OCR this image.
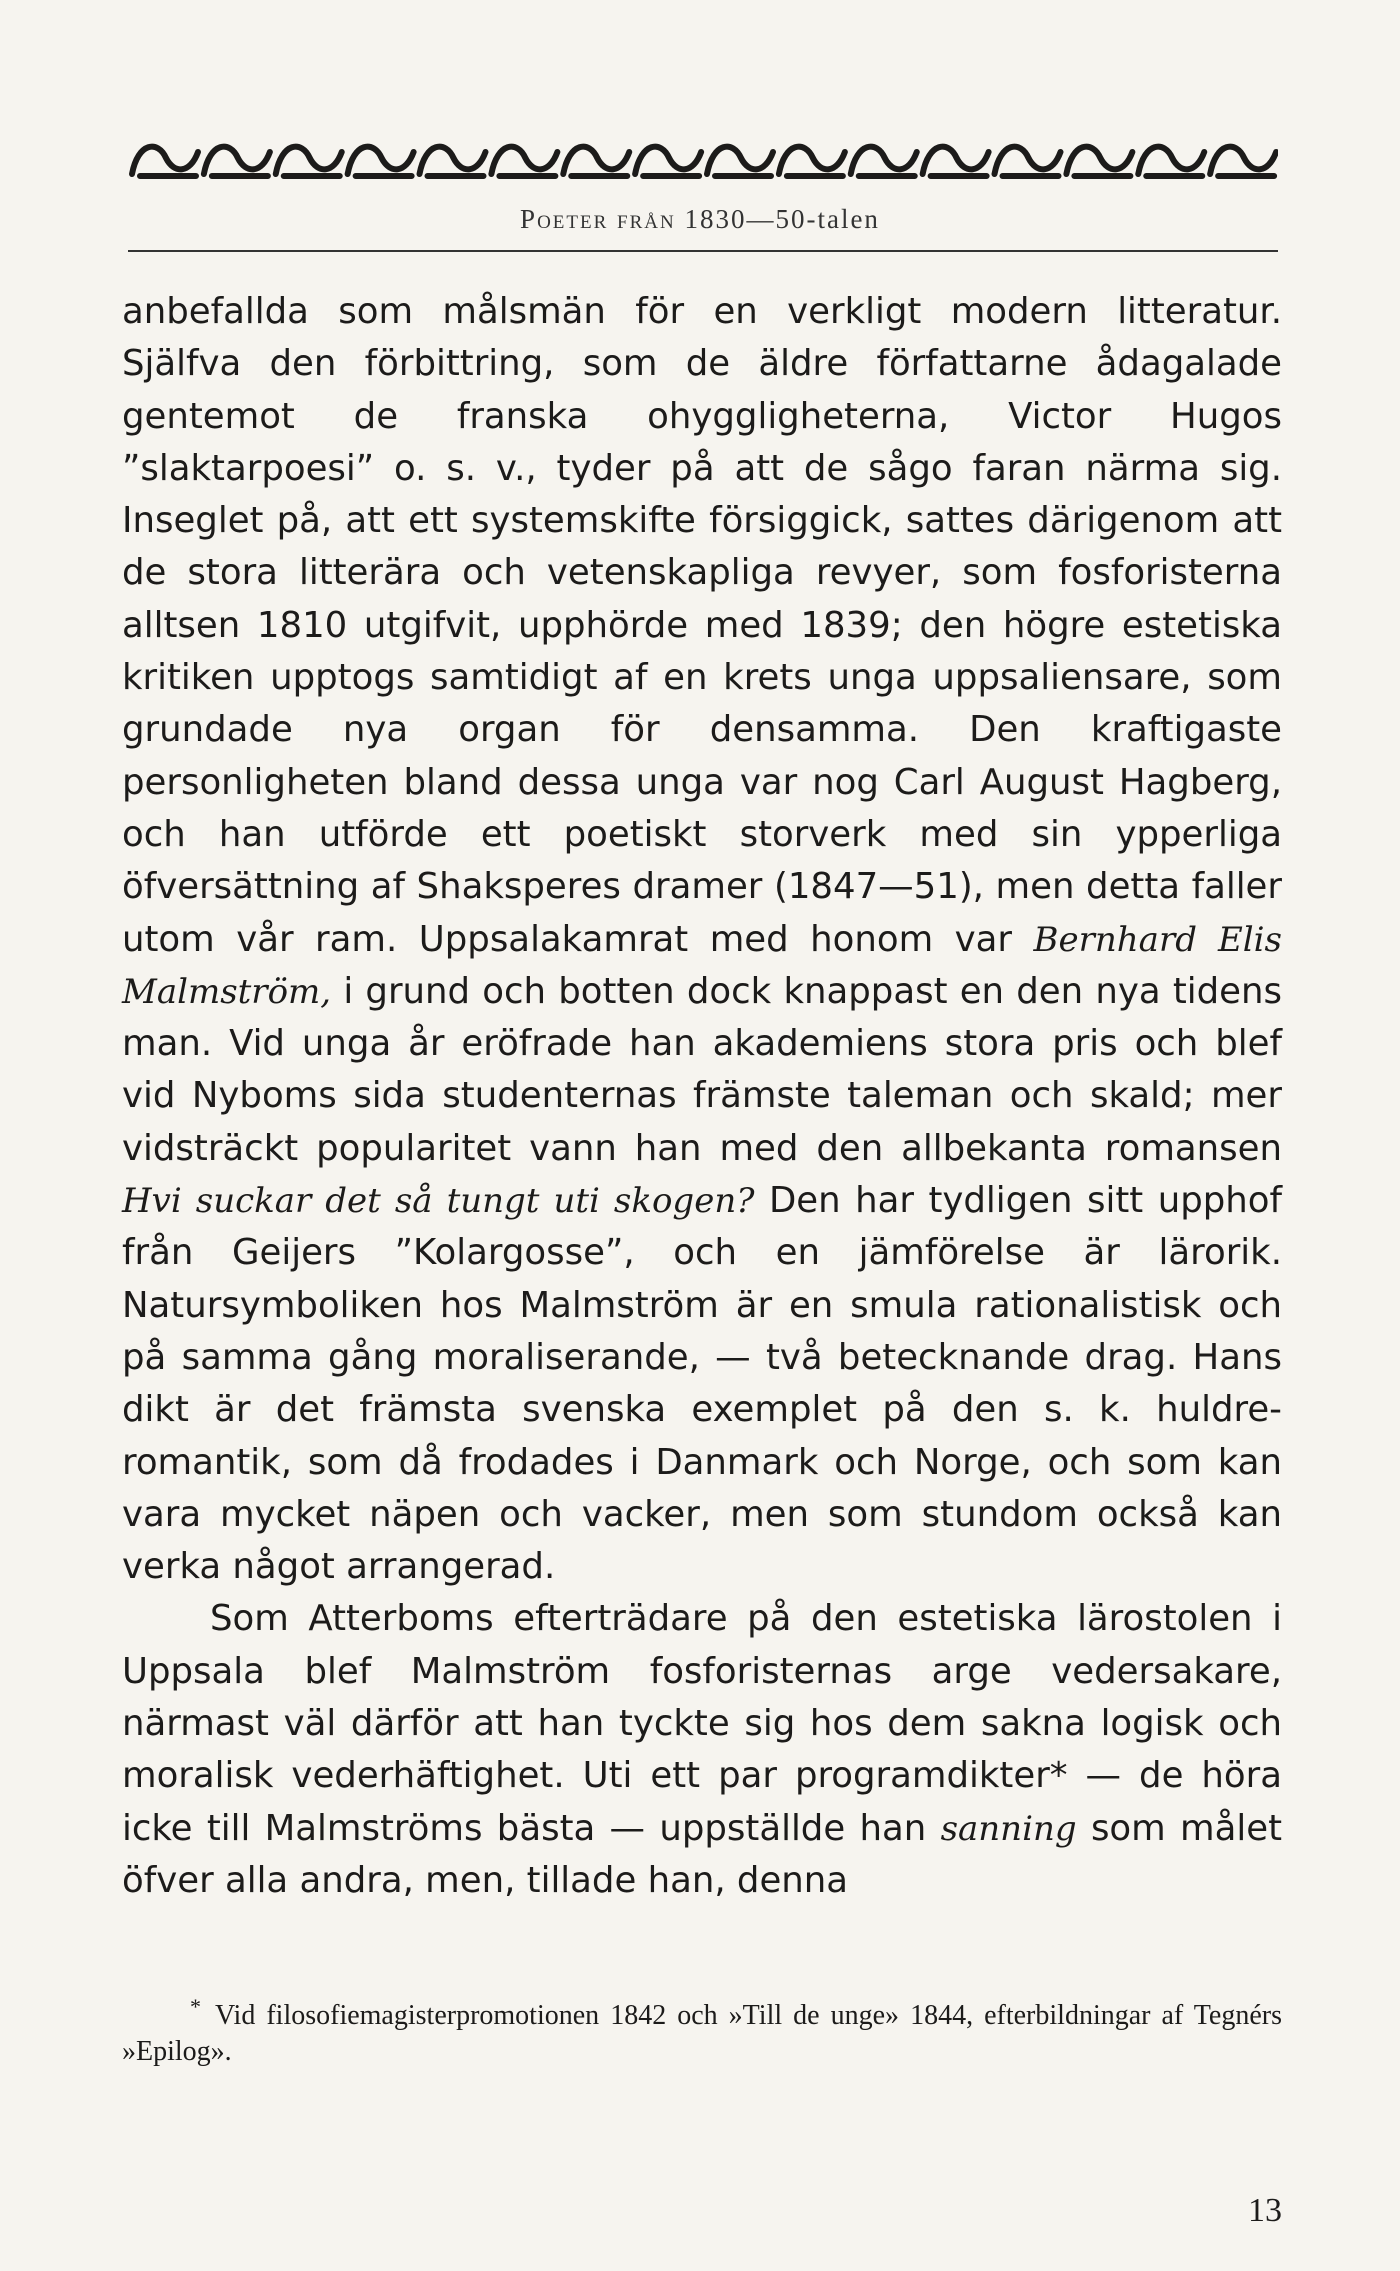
Poeter från 1830—50-talen

anbefallda som målsmän för en verkligt modern litteratur. Själfva den förbittring, som de äldre författarne ådagalade gentemot de franska ohyggligheterna, Victor Hugos ”slaktarpoesi” o. s. v., tyder på att de sågo faran närma sig. Inseglet på, att ett systemskifte försiggick, sattes därigenom att de stora litterära och vetenskapliga revyer, som fosforisterna alltsen 1810 utgifvit, upphörde med 1839; den högre estetiska kritiken upptogs samtidigt af en krets unga uppsaliensare, som grundade nya organ för densamma. Den kraftigaste personligheten bland dessa unga var nog Carl August Hagberg, och han utförde ett poetiskt storverk med sin ypperliga öfversättning af Shaksperes dramer (1847—51), men detta faller utom vår ram. Uppsalakamrat med honom var Bernhard Elis Malmström, i grund och botten dock knappast en den nya tidens man. Vid unga år eröfrade han akademiens stora pris och blef vid Nyboms sida studenternas främste taleman och skald; mer vidsträckt popularitet vann han med den allbekanta romansen Hvi suckar det så tungt uti skogen? Den har tydligen sitt upphof från Geijers ”Kolargosse”, och en jämförelse är lärorik. Natursymboliken hos Malmström är en smula rationalistisk och på samma gång moraliserande, — två betecknande drag. Hans dikt är det främsta svenska exemplet på den s. k. huldre-romantik, som då frodades i Danmark och Norge, och som kan vara mycket näpen och vacker, men som stundom också kan verka något arrangerad.

Som Atterboms efterträdare på den estetiska lärostolen i Uppsala blef Malmström fosforisternas arge vedersakare, närmast väl därför att han tyckte sig hos dem sakna logisk och moralisk vederhäftighet. Uti ett par programdikter* — de höra icke till Malmströms bästa — uppställde han sanning som målet öfver alla andra, men, tillade han, denna

* Vid filosofiemagisterpromotionen 1842 och »Till de unge» 1844, efterbildningar af Tegnérs »Epilog».
13
